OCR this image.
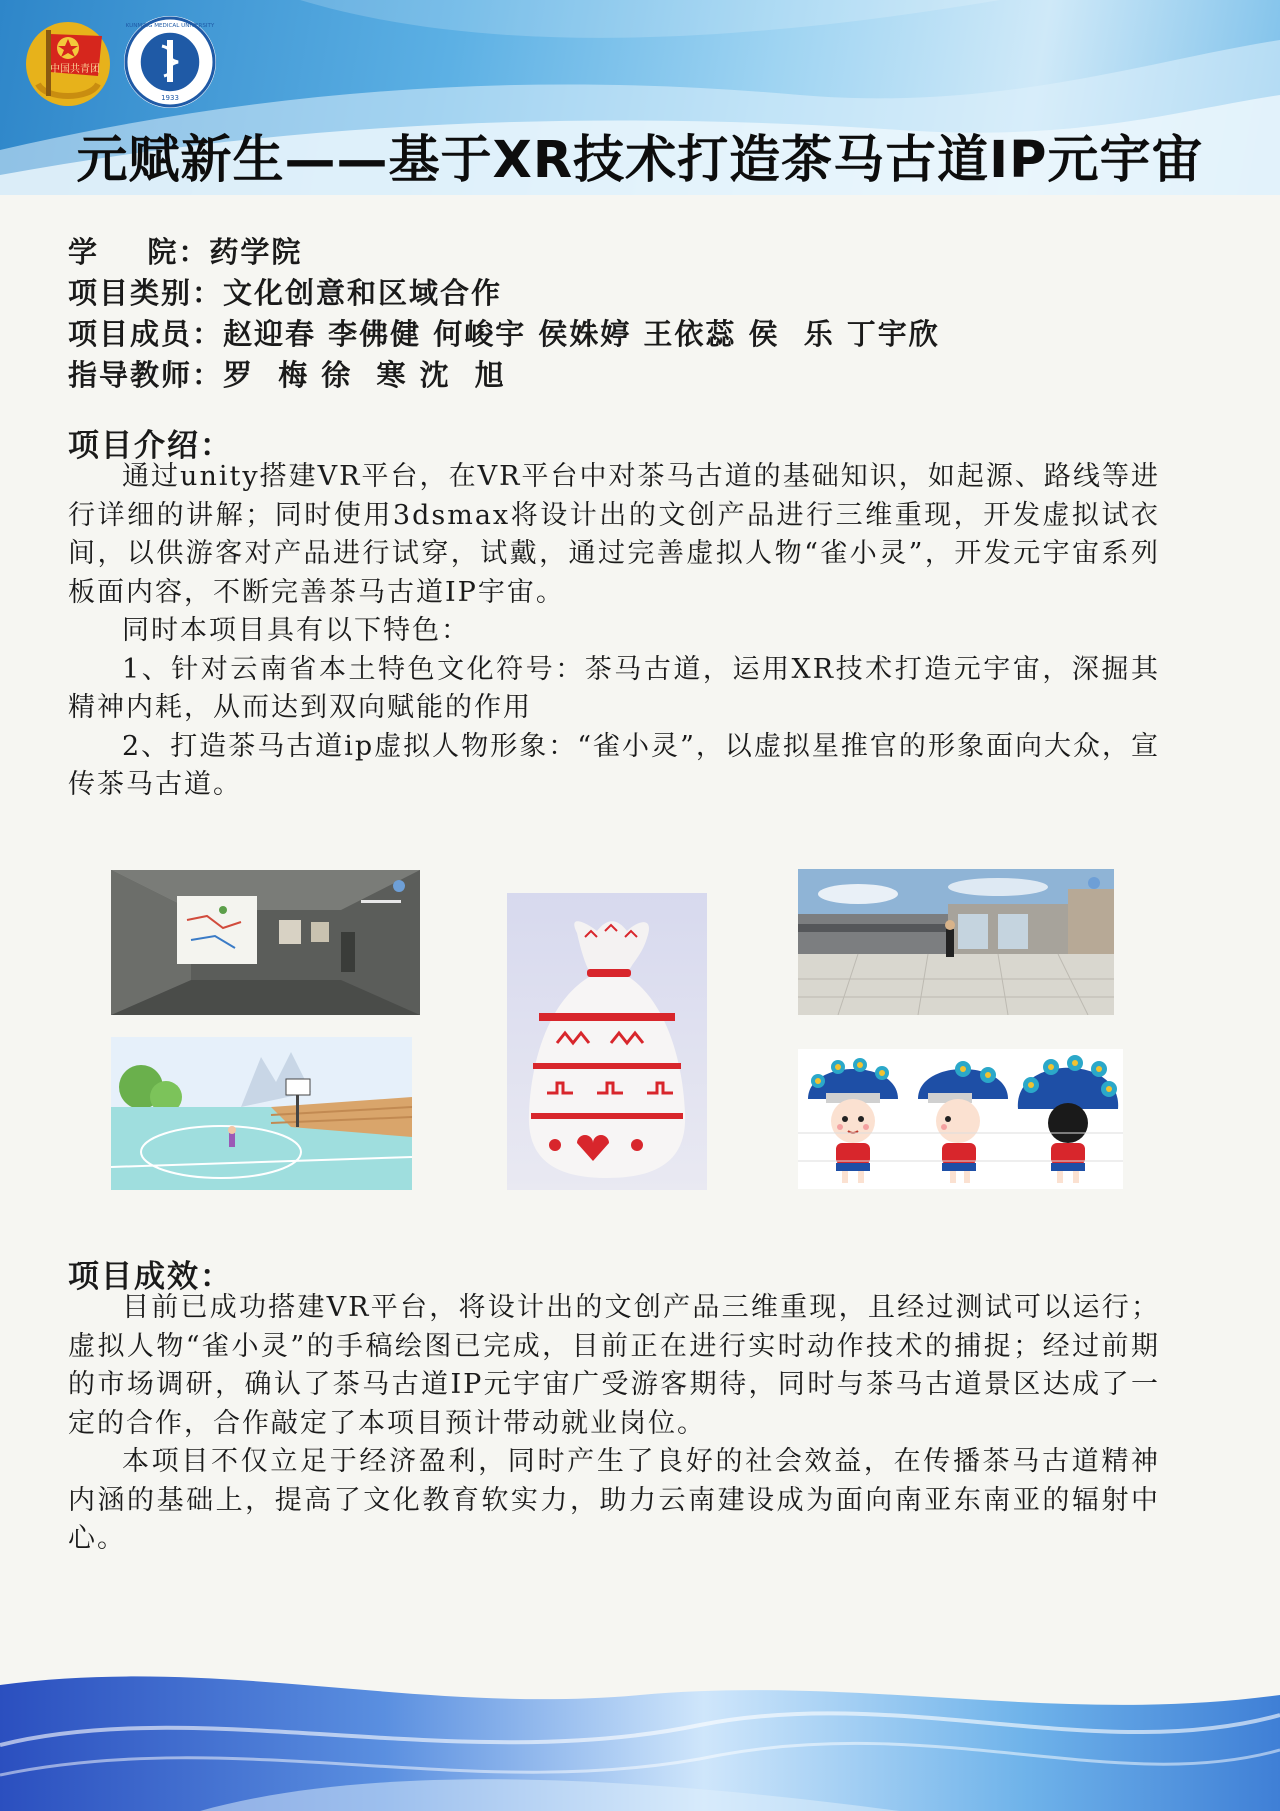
中国共青团
1933
KUNMING MEDICAL UNIVERSITY
元赋新生——基于XR技术打造茶马古道IP元宇宙
学    院：药学院
项目类别：文化创意和区域合作
项目成员：赵迎春 李佛健 何峻宇 侯姝婷 王依蕊 侯  乐 丁宇欣
指导教师：罗  梅 徐  寒 沈  旭
项目介绍：

通过unity搭建VR平台，在VR平台中对茶马古道的基础知识，如起源、路线等进行详细的讲解；同时使用3dsmax将设计出的文创产品进行三维重现，开发虚拟试衣间，以供游客对产品进行试穿，试戴，通过完善虚拟人物“雀小灵”，开发元宇宙系列板面内容，不断完善茶马古道IP宇宙。

同时本项目具有以下特色：

1、针对云南省本土特色文化符号：茶马古道，运用XR技术打造元宇宙，深掘其精神内耗，从而达到双向赋能的作用

2、打造茶马古道ip虚拟人物形象：“雀小灵”，以虚拟星推官的形象面向大众，宣传茶马古道。

项目成效：

目前已成功搭建VR平台，将设计出的文创产品三维重现，且经过测试可以运行；虚拟人物“雀小灵”的手稿绘图已完成，目前正在进行实时动作技术的捕捉；经过前期的市场调研，确认了茶马古道IP元宇宙广受游客期待，同时与茶马古道景区达成了一定的合作，合作敲定了本项目预计带动就业岗位。

本项目不仅立足于经济盈利，同时产生了良好的社会效益，在传播茶马古道精神内涵的基础上，提高了文化教育软实力，助力云南建设成为面向南亚东南亚的辐射中心。
